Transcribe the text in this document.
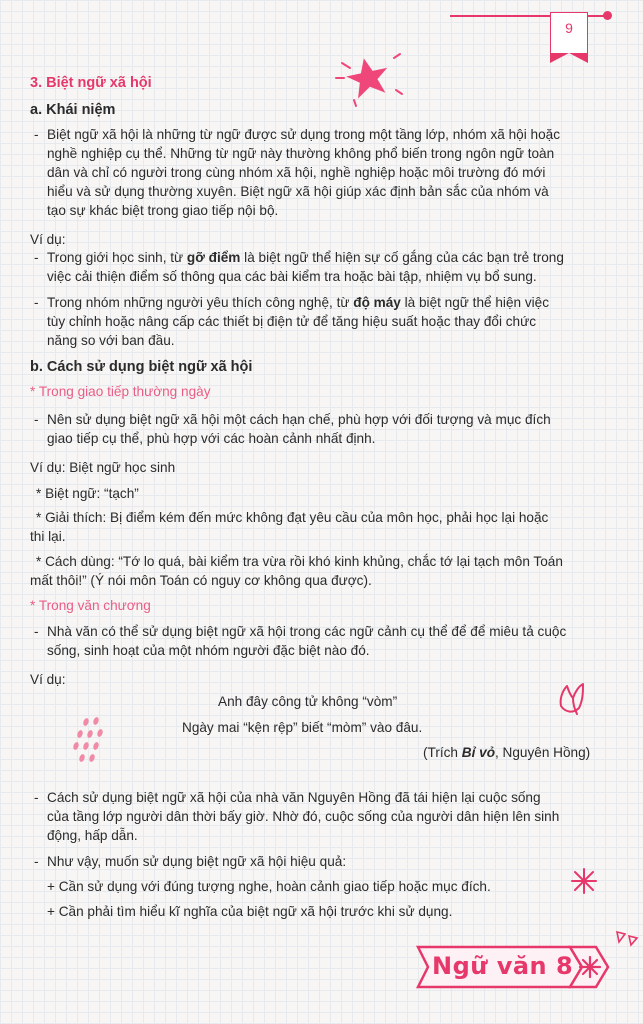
9
3. Biệt ngữ xã hội
a. Khái niệm
- Biệt ngữ xã hội là những từ ngữ được sử dụng trong một tầng lớp, nhóm xã hội hoặc
nghề nghiệp cụ thể. Những từ ngữ này thường không phổ biến trong ngôn ngữ toàn
dân và chỉ có người trong cùng nhóm xã hội, nghề nghiệp hoặc môi trường đó mới
hiểu và sử dụng thường xuyên. Biệt ngữ xã hội giúp xác định bản sắc của nhóm và
tạo sự khác biệt trong giao tiếp nội bộ.
Ví dụ:
- Trong giới học sinh, từ gỡ điểm là biệt ngữ thể hiện sự cố gắng của các bạn trẻ trong
việc cải thiện điểm số thông qua các bài kiểm tra hoặc bài tập, nhiệm vụ bổ sung.
- Trong nhóm những người yêu thích công nghệ, từ độ máy là biệt ngữ thể hiện việc
tùy chỉnh hoặc nâng cấp các thiết bị điện tử để tăng hiệu suất hoặc thay đổi chức
năng so với ban đầu.
b. Cách sử dụng biệt ngữ xã hội
* Trong giao tiếp thường ngày
- Nên sử dụng biệt ngữ xã hội một cách hạn chế, phù hợp với đối tượng và mục đích
giao tiếp cụ thể, phù hợp với các hoàn cảnh nhất định.
Ví dụ: Biệt ngữ học sinh
* Biệt ngữ: “tạch”
* Giải thích: Bị điểm kém đến mức không đạt yêu cầu của môn học, phải học lại hoặc
thi lại.
* Cách dùng: “Tớ lo quá, bài kiểm tra vừa rồi khó kinh khủng, chắc tớ lại tạch môn Toán
mất thôi!” (Ý nói môn Toán có nguy cơ không qua được).
* Trong văn chương
- Nhà văn có thể sử dụng biệt ngữ xã hội trong các ngữ cảnh cụ thể để để miêu tả cuộc
sống, sinh hoạt của một nhóm người đặc biệt nào đó.
Ví dụ:
Anh đây công tử không “vòm”
Ngày mai “kện rệp” biết “mòm” vào đâu.
(Trích Bỉ vỏ, Nguyên Hồng)
- Cách sử dụng biệt ngữ xã hội của nhà văn Nguyên Hồng đã tái hiện lại cuộc sống
của tầng lớp người dân thời bấy giờ. Nhờ đó, cuộc sống của người dân hiện lên sinh
động, hấp dẫn.
- Như vậy, muốn sử dụng biệt ngữ xã hội hiệu quả:
+ Cần sử dụng với đúng tượng nghe, hoàn cảnh giao tiếp hoặc mục đích.
+ Cần phải tìm hiểu kĩ nghĩa của biệt ngữ xã hội trước khi sử dụng.
Ngữ văn 8
